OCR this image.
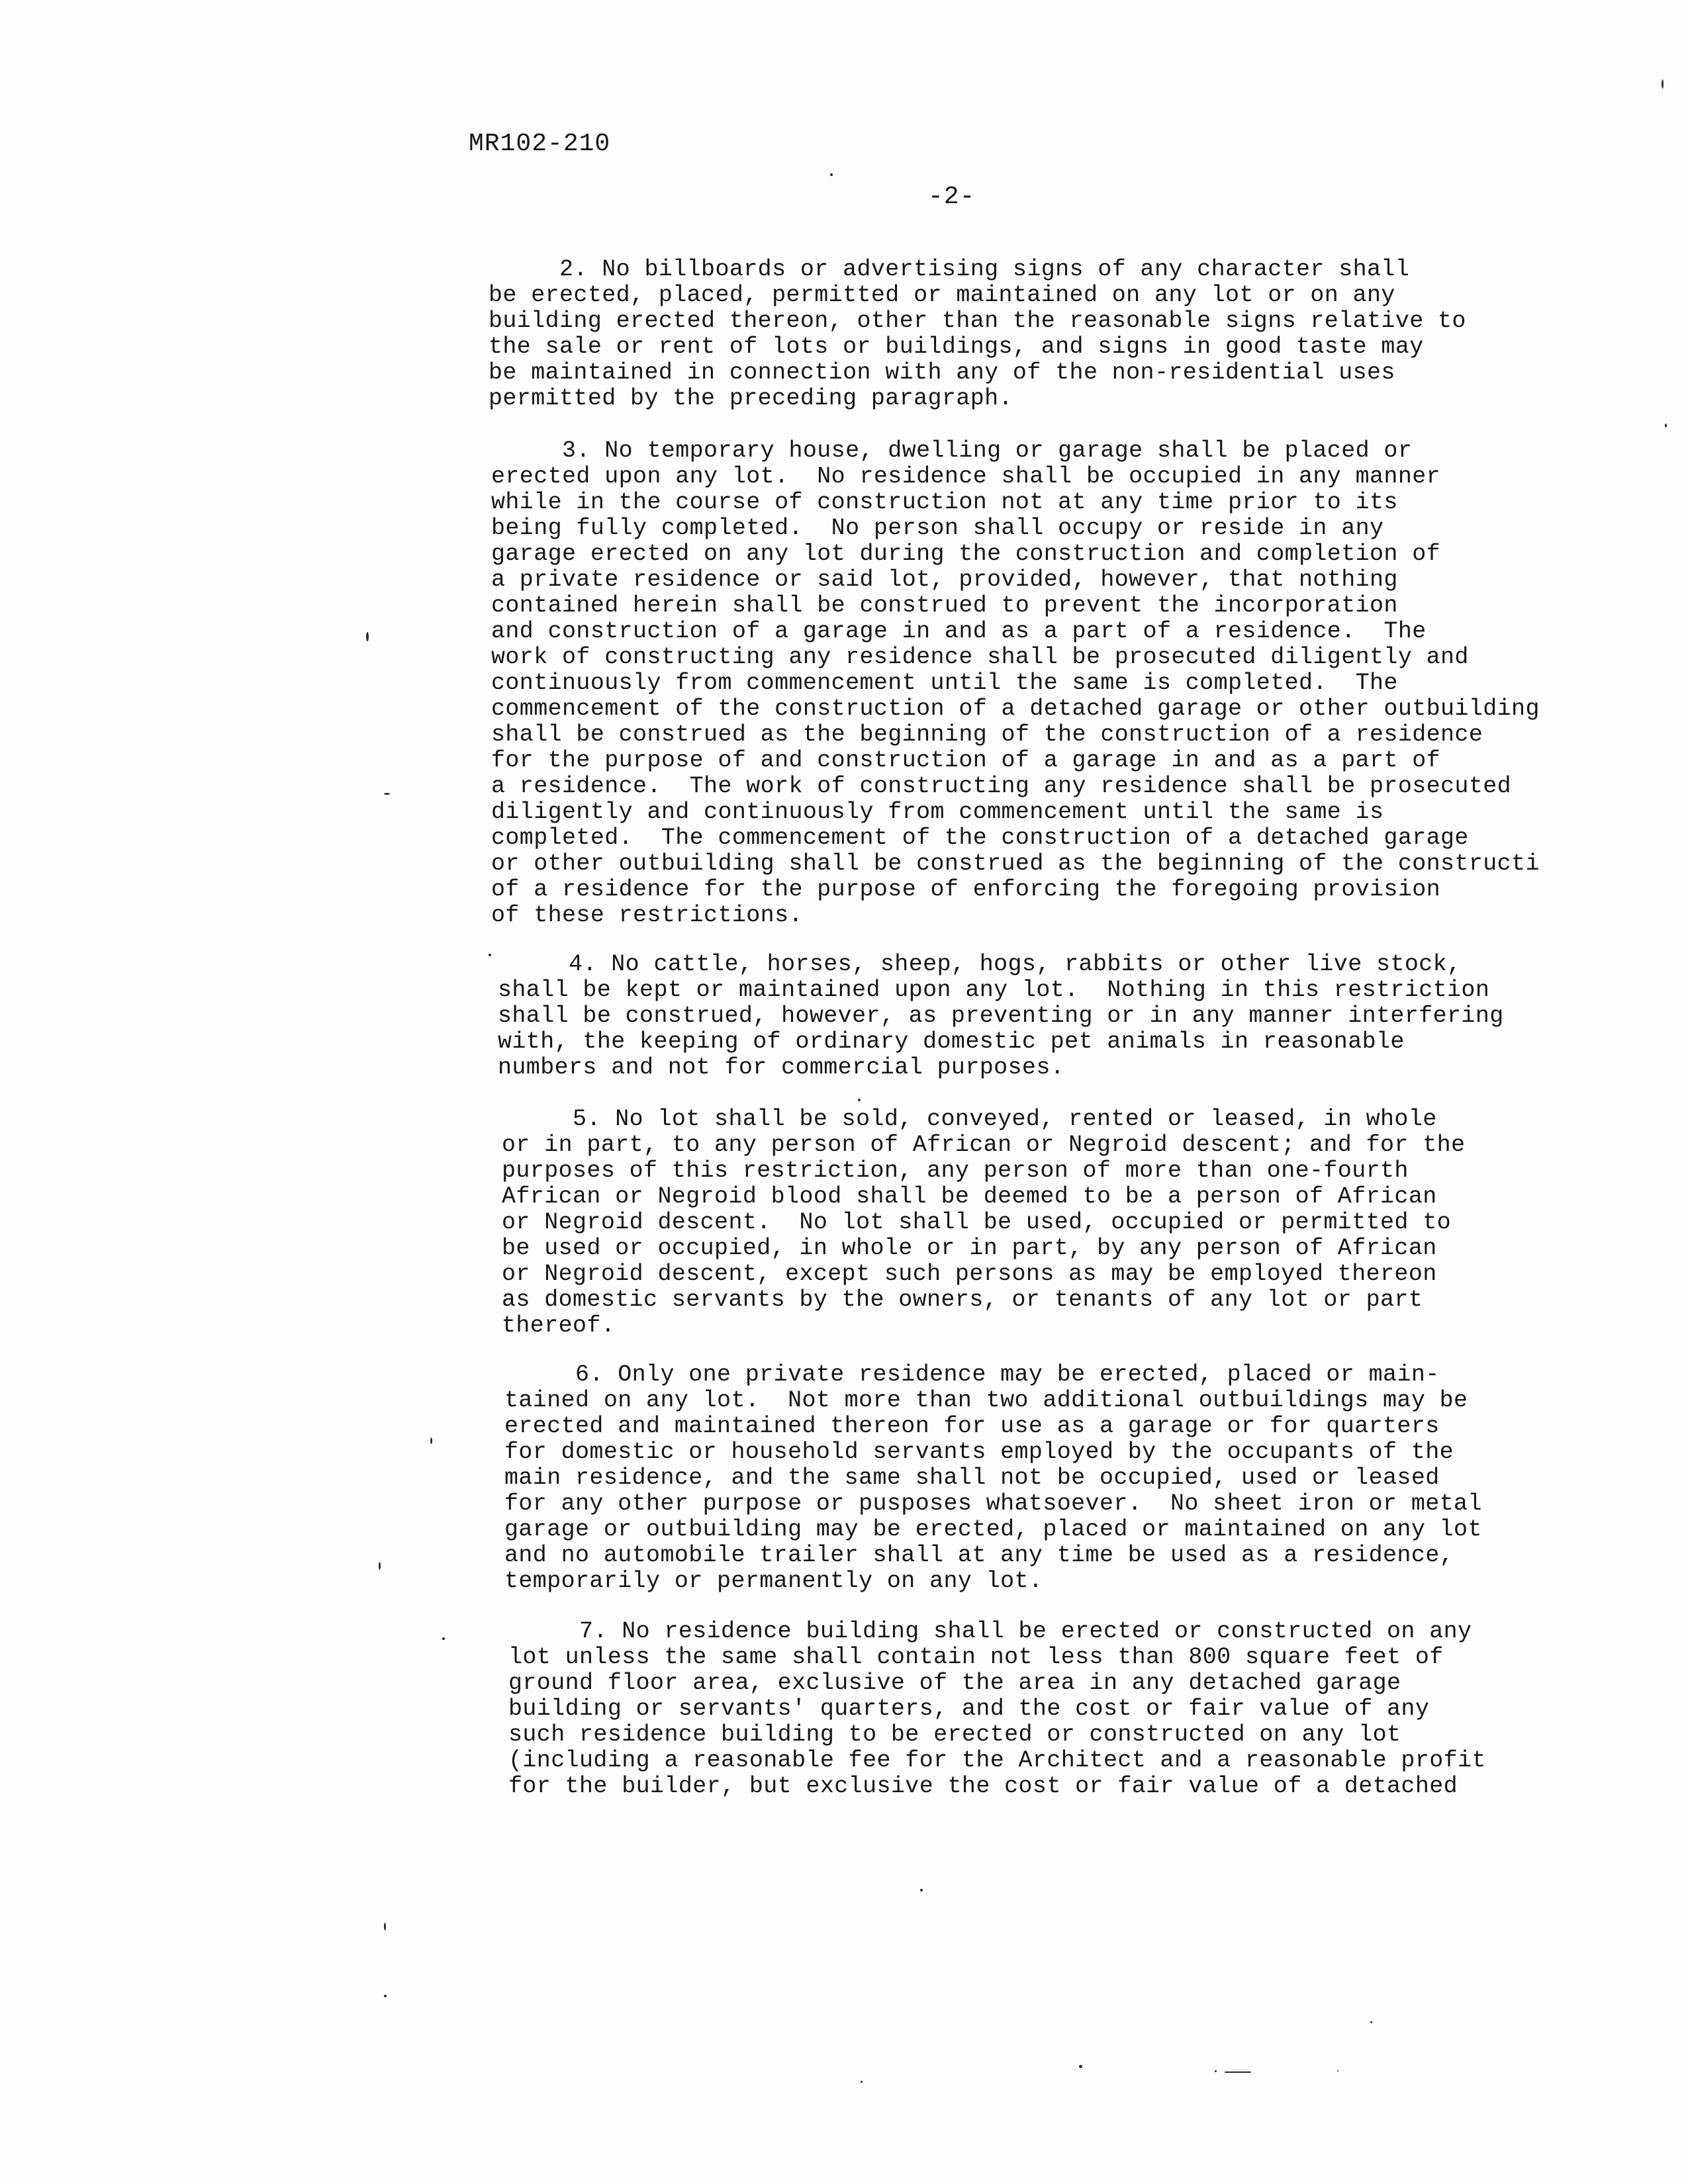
MR102-210
-2-
2. No billboards or advertising signs of any character shall
be erected, placed, permitted or maintained on any lot or on any
building erected thereon, other than the reasonable signs relative to
the sale or rent of lots or buildings, and signs in good taste may
be maintained in connection with any of the non-residential uses
permitted by the preceding paragraph.
3. No temporary house, dwelling or garage shall be placed or
erected upon any lot.  No residence shall be occupied in any manner
while in the course of construction not at any time prior to its
being fully completed.  No person shall occupy or reside in any
garage erected on any lot during the construction and completion of
a private residence or said lot, provided, however, that nothing
contained herein shall be construed to prevent the incorporation
and construction of a garage in and as a part of a residence.  The
work of constructing any residence shall be prosecuted diligently and
continuously from commencement until the same is completed.  The
commencement of the construction of a detached garage or other outbuilding
shall be construed as the beginning of the construction of a residence
for the purpose of and construction of a garage in and as a part of
a residence.  The work of constructing any residence shall be prosecuted
diligently and continuously from commencement until the same is
completed.  The commencement of the construction of a detached garage
or other outbuilding shall be construed as the beginning of the constructi
of a residence for the purpose of enforcing the foregoing provision
of these restrictions.
4. No cattle, horses, sheep, hogs, rabbits or other live stock,
shall be kept or maintained upon any lot.  Nothing in this restriction
shall be construed, however, as preventing or in any manner interfering
with, the keeping of ordinary domestic pet animals in reasonable
numbers and not for commercial purposes.
5. No lot shall be sold, conveyed, rented or leased, in whole
or in part, to any person of African or Negroid descent; and for the
purposes of this restriction, any person of more than one-fourth
African or Negroid blood shall be deemed to be a person of African
or Negroid descent.  No lot shall be used, occupied or permitted to
be used or occupied, in whole or in part, by any person of African
or Negroid descent, except such persons as may be employed thereon
as domestic servants by the owners, or tenants of any lot or part
thereof.
6. Only one private residence may be erected, placed or main-
tained on any lot.  Not more than two additional outbuildings may be
erected and maintained thereon for use as a garage or for quarters
for domestic or household servants employed by the occupants of the
main residence, and the same shall not be occupied, used or leased
for any other purpose or pusposes whatsoever.  No sheet iron or metal
garage or outbuilding may be erected, placed or maintained on any lot
and no automobile trailer shall at any time be used as a residence,
temporarily or permanently on any lot.
7. No residence building shall be erected or constructed on any
lot unless the same shall contain not less than 800 square feet of
ground floor area, exclusive of the area in any detached garage
building or servants' quarters, and the cost or fair value of any
such residence building to be erected or constructed on any lot
(including a reasonable fee for the Architect and a reasonable profit
for the builder, but exclusive the cost or fair value of a detached
